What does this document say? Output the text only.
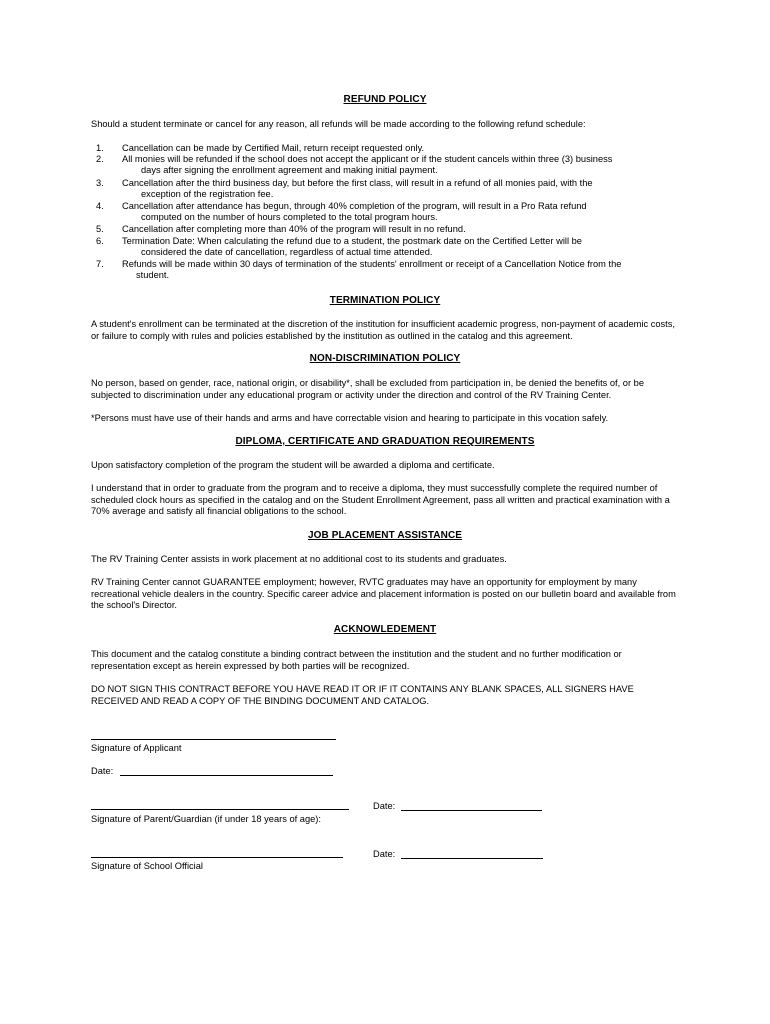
REFUND POLICY
Should a student terminate or cancel for any reason, all refunds will be made according to the following refund schedule:
1. Cancellation can be made by Certified Mail, return receipt requested only.
2. All monies will be refunded if the school does not accept the applicant or if the student cancels within three (3) business
days after signing the enrollment agreement and making initial payment.
3. Cancellation after the third business day, but before the first class, will result in a refund of all monies paid, with the
exception of the registration fee.
4. Cancellation after attendance has begun, through 40% completion of the program, will result in a Pro Rata refund
computed on the number of hours completed to the total program hours.
5. Cancellation after completing more than 40% of the program will result in no refund.
6. Termination Date: When calculating the refund due to a student, the postmark date on the Certified Letter will be
considered the date of cancellation, regardless of actual time attended.
7. Refunds will be made within 30 days of termination of the students' enrollment or receipt of a Cancellation Notice from the
student.
TERMINATION POLICY
A student's enrollment can be terminated at the discretion of the institution for insufficient academic progress, non-payment of academic costs, or failure to comply with rules and policies established by the institution as outlined in the catalog and this agreement.
NON-DISCRIMINATION POLICY
No person, based on gender, race, national origin, or disability*, shall be excluded from participation in, be denied the benefits of, or be subjected to discrimination under any educational program or activity under the direction and control of the RV Training Center.
*Persons must have use of their hands and arms and have correctable vision and hearing to participate in this vocation safely.
DIPLOMA, CERTIFICATE AND GRADUATION REQUIREMENTS
Upon satisfactory completion of the program the student will be awarded a diploma and certificate.
I understand that in order to graduate from the program and to receive a diploma, they must successfully complete the required number of scheduled clock hours as specified in the catalog and on the Student Enrollment Agreement, pass all written and practical examination with a 70% average and satisfy all financial obligations to the school.
JOB PLACEMENT ASSISTANCE
The RV Training Center assists in work placement at no additional cost to its students and graduates.
RV Training Center cannot GUARANTEE employment; however, RVTC graduates may have an opportunity for employment by many recreational vehicle dealers in the country. Specific career advice and placement information is posted on our bulletin board and available from the school's Director.
ACKNOWLEDEMENT
This document and the catalog constitute a binding contract between the institution and the student and no further modification or representation except as herein expressed by both parties will be recognized.
DO NOT SIGN THIS CONTRACT BEFORE YOU HAVE READ IT OR IF IT CONTAINS ANY BLANK SPACES, ALL SIGNERS HAVE RECEIVED AND READ A COPY OF THE BINDING DOCUMENT AND CATALOG.
Signature of Applicant
Date:
Date:
Signature of Parent/Guardian (if under 18 years of age):
Date:
Signature of School Official
